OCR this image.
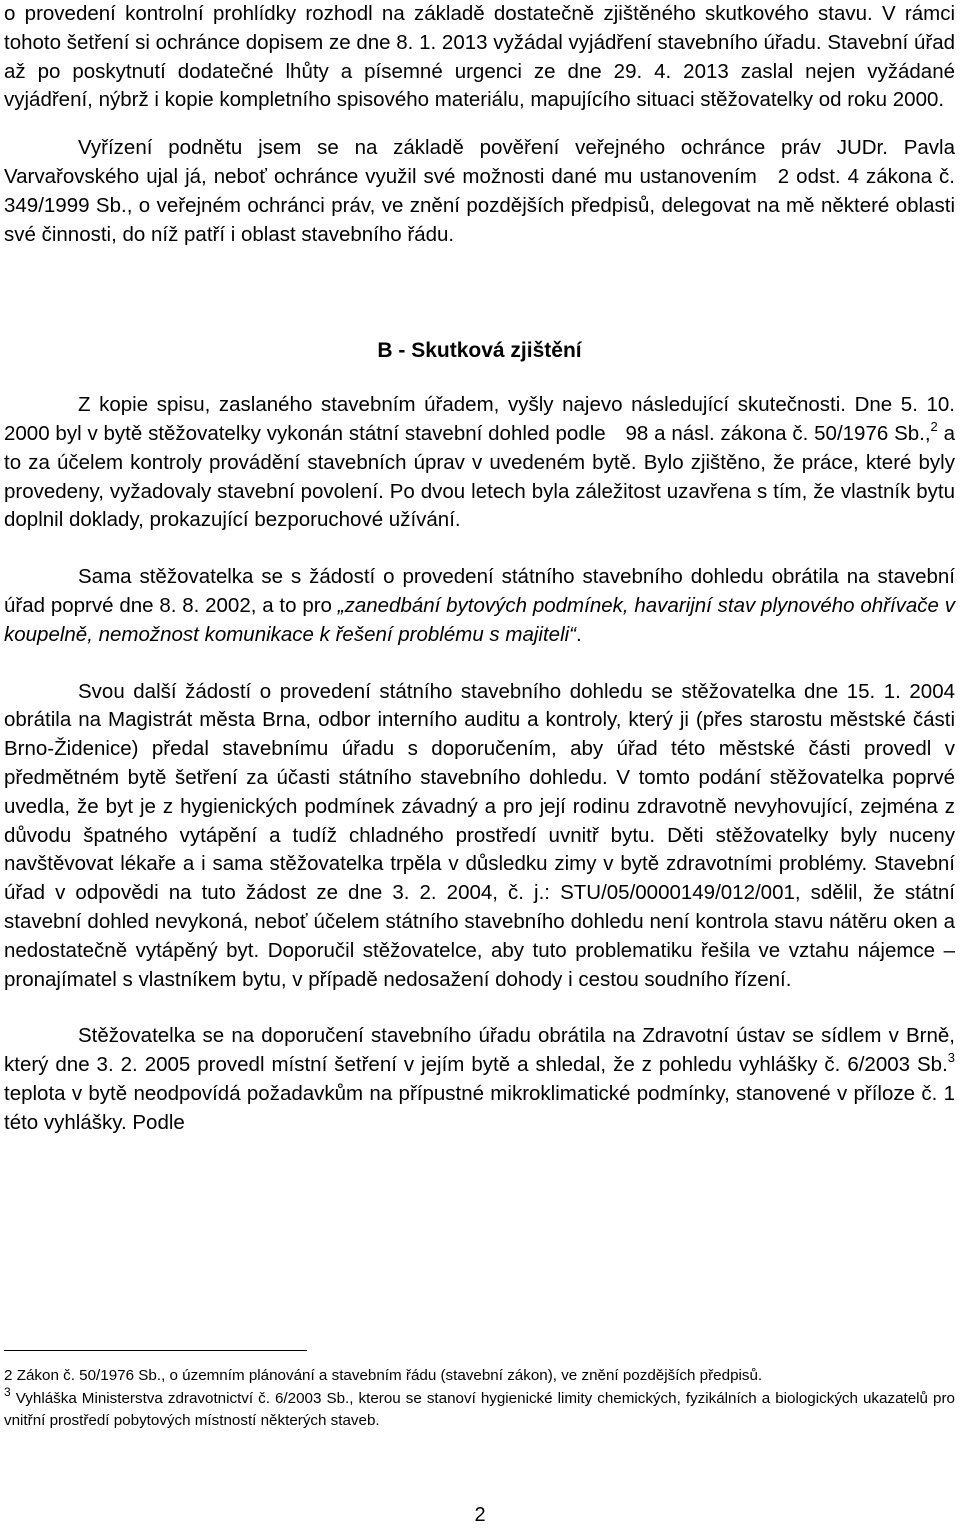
o provedení kontrolní prohlídky rozhodl na základě dostatečně zjištěného skutkového stavu. V rámci tohoto šetření si ochránce dopisem ze dne 8. 1. 2013 vyžádal vyjádření stavebního úřadu. Stavební úřad až po poskytnutí dodatečné lhůty a písemné urgenci ze dne 29. 4. 2013 zaslal nejen vyžádané vyjádření, nýbrž i kopie kompletního spisového materiálu, mapujícího situaci stěžovatelky od roku 2000.

Vyřízení podnětu jsem se na základě pověření veřejného ochránce práv JUDr. Pavla Varvařovského ujal já, neboť ochránce využil své možnosti dané mu ustanovením 2 odst. 4 zákona č. 349/1999 Sb., o veřejném ochránci práv, ve znění pozdějších předpisů, delegovat na mě některé oblasti své činnosti, do níž patří i oblast stavebního řádu.

B - Skutková zjištění

Z kopie spisu, zaslaného stavebním úřadem, vyšly najevo následující skutečnosti. Dne 5. 10. 2000 byl v bytě stěžovatelky vykonán státní stavební dohled podle 98 a násl. zákona č. 50/1976 Sb.,$^2$ a to za účelem kontroly provádění stavebních úprav v uvedeném bytě. Bylo zjištěno, že práce, které byly provedeny, vyžadovaly stavební povolení. Po dvou letech byla záležitost uzavřena s tím, že vlastník bytu doplnil doklady, prokazující bezporuchové užívání.

Sama stěžovatelka se s žádostí o provedení státního stavebního dohledu obrátila na stavební úřad poprvé dne 8. 8. 2002, a to pro „zanedbání bytových podmínek, havarijní stav plynového ohřívače v koupelně, nemožnost komunikace k řešení problému s majiteli“.

Svou další žádostí o provedení státního stavebního dohledu se stěžovatelka dne 15. 1. 2004 obrátila na Magistrát města Brna, odbor interního auditu a kontroly, který ji (přes starostu městské části Brno-Židenice) předal stavebnímu úřadu s doporučením, aby úřad této městské části provedl v předmětném bytě šetření za účasti státního stavebního dohledu. V tomto podání stěžovatelka poprvé uvedla, že byt je z hygienických podmínek závadný a pro její rodinu zdravotně nevyhovující, zejména z důvodu špatného vytápění a tudíž chladného prostředí uvnitř bytu. Děti stěžovatelky byly nuceny navštěvovat lékaře a i sama stěžovatelka trpěla v důsledku zimy v bytě zdravotními problémy. Stavební úřad v odpovědi na tuto žádost ze dne 3. 2. 2004, č. j.: STU/05/0000149/012/001, sdělil, že státní stavební dohled nevykoná, neboť účelem státního stavebního dohledu není kontrola stavu nátěru oken a nedostatečně vytápěný byt. Doporučil stěžovatelce, aby tuto problematiku řešila ve vztahu nájemce – pronajímatel s vlastníkem bytu, v případě nedosažení dohody i cestou soudního řízení.

Stěžovatelka se na doporučení stavebního úřadu obrátila na Zdravotní ústav se sídlem v Brně, který dne 3. 2. 2005 provedl místní šetření v jejím bytě a shledal, že z pohledu vyhlášky č. 6/2003 Sb.$^3$ teplota v bytě neodpovídá požadavkům na přípustné mikroklimatické podmínky, stanovené v příloze č. 1 této vyhlášky. Podle

2 Zákon č. 50/1976 Sb., o územním plánování a stavebním řádu (stavební zákon), ve znění pozdějších předpisů.

$^3$ Vyhláška Ministerstva zdravotnictví č. 6/2003 Sb., kterou se stanoví hygienické limity chemických, fyzikálních a biologických ukazatelů pro vnitřní prostředí pobytových místností některých staveb.

2
